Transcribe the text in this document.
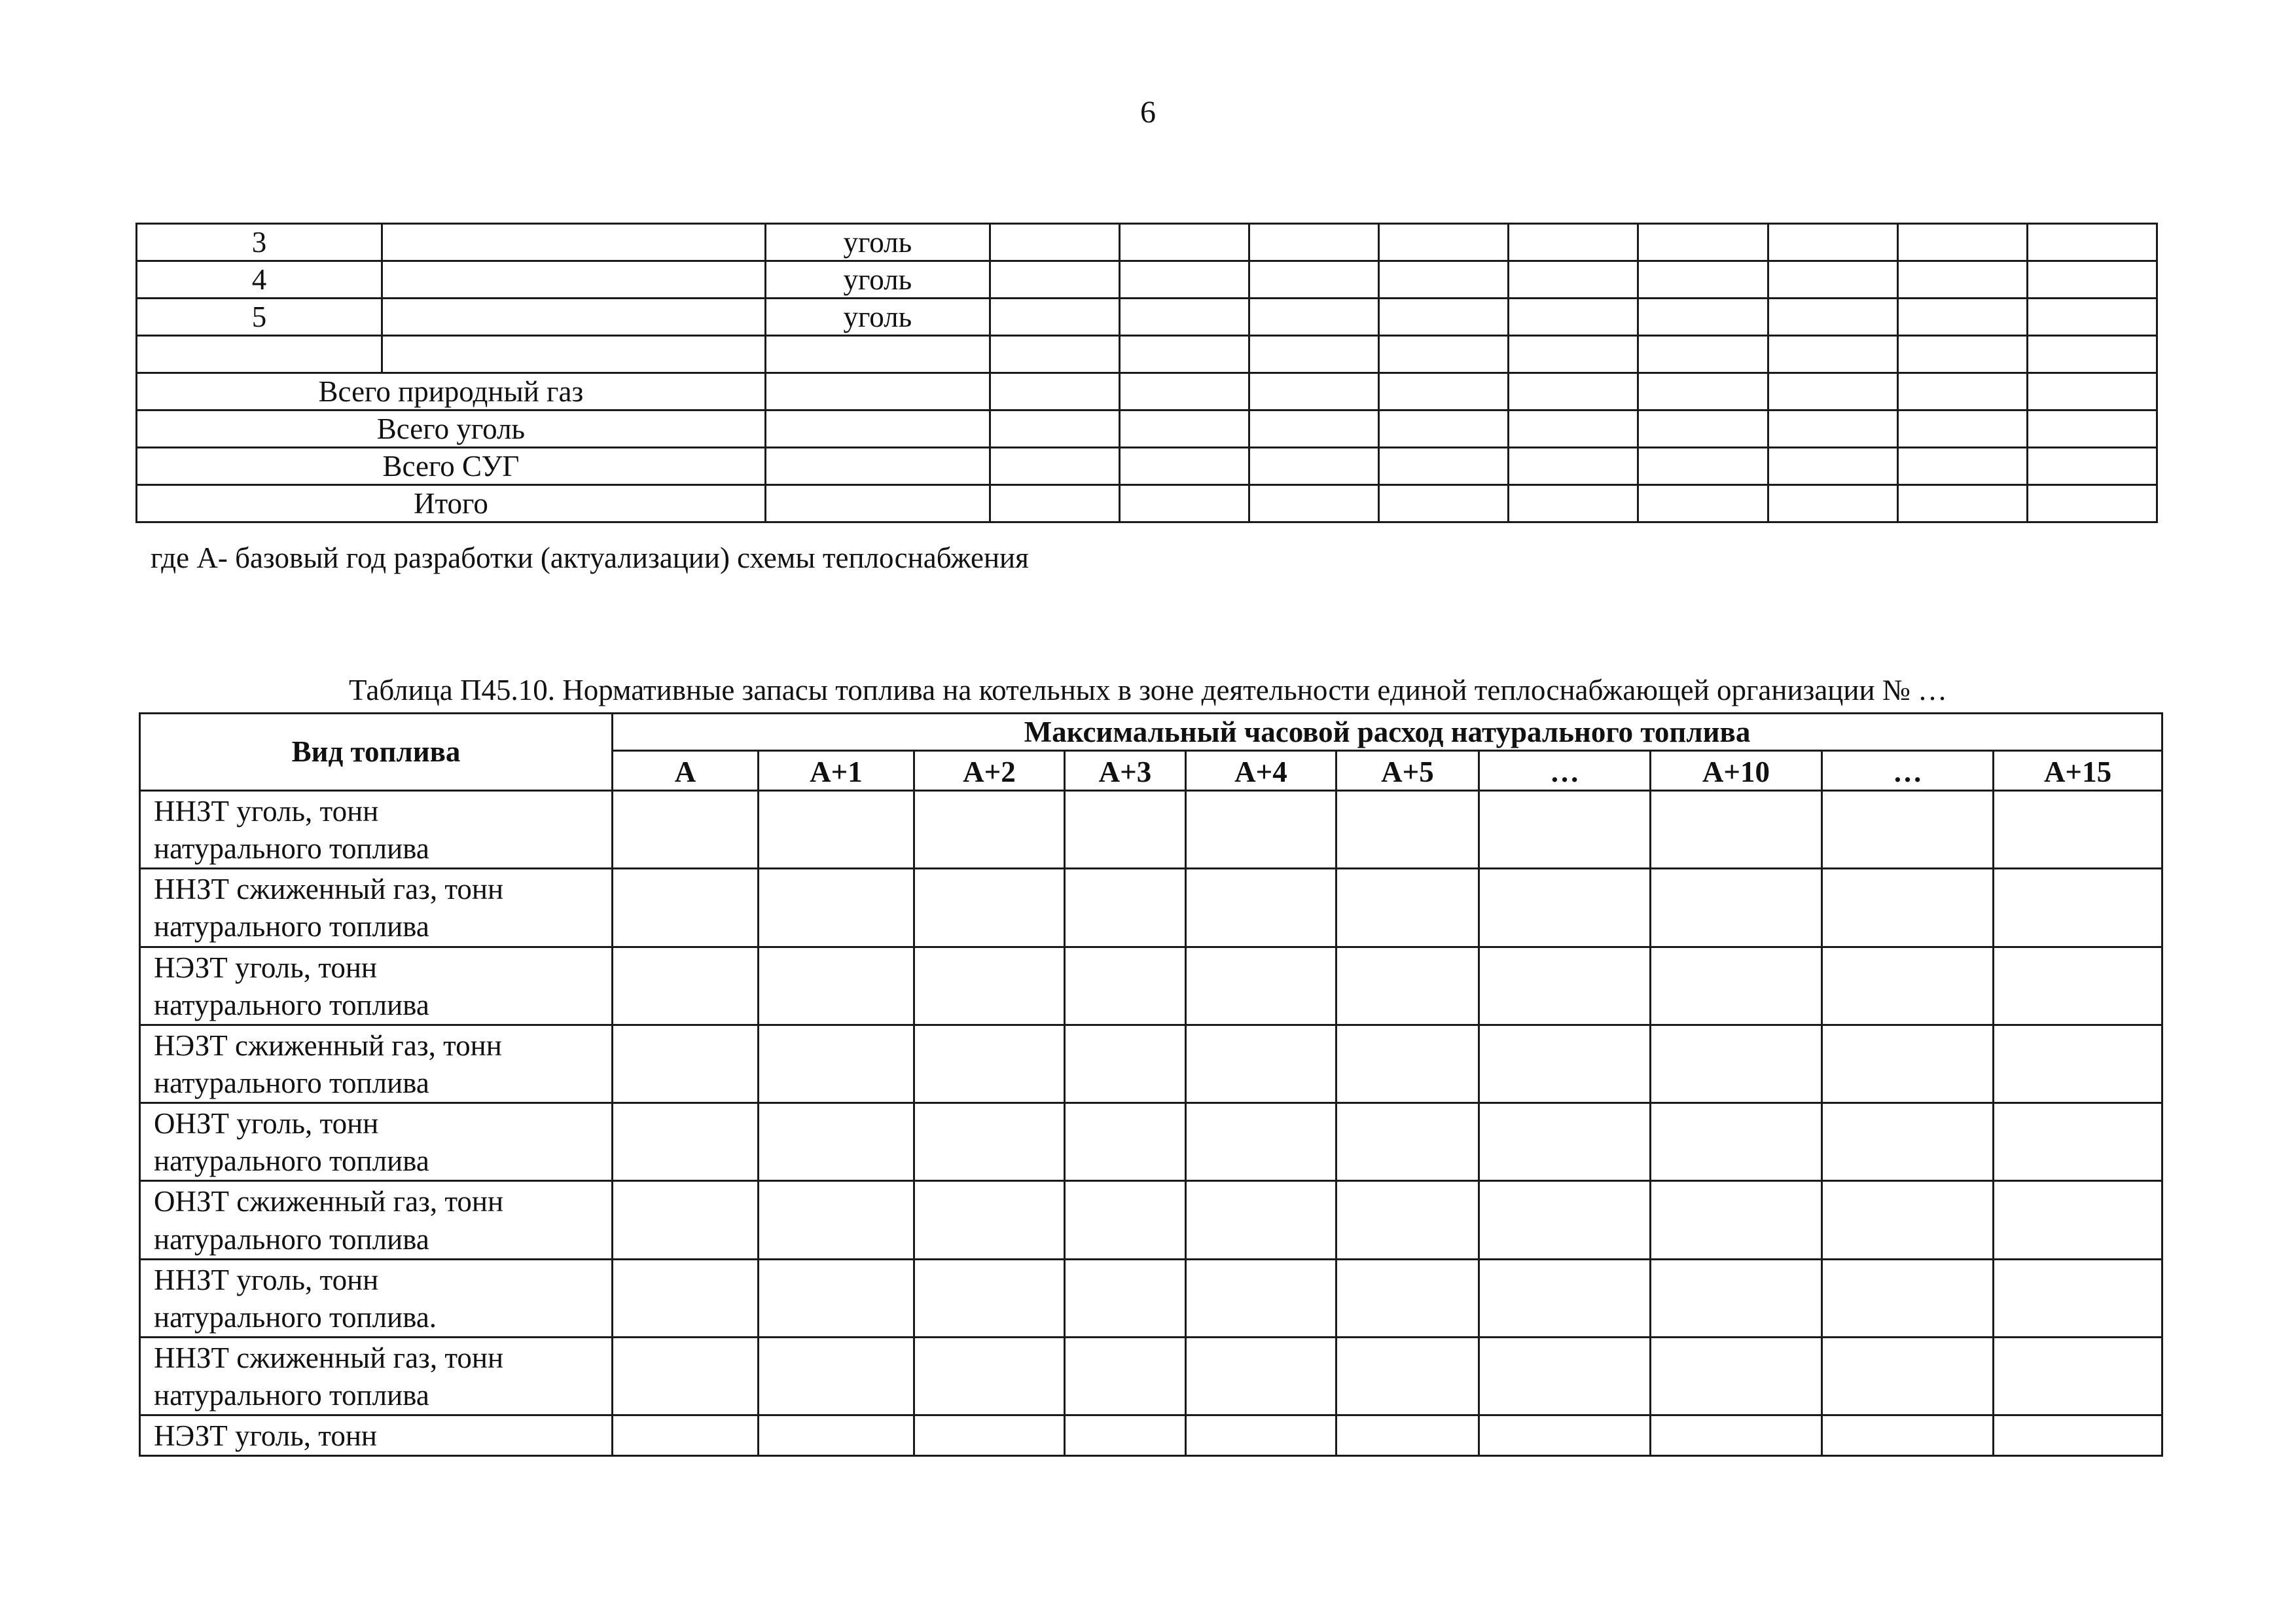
6
3		уголь									
4		уголь									
5		уголь									

Всего природный газ											
Всего уголь											
Всего СУГ											
Итого											
где А- базовый год разработки (актуализации) схемы теплоснабжения
Таблица П45.10. Нормативные запасы топлива на котельных в зоне деятельности единой теплоснабжающей организации № …
Вид топлива	Максимальный часовой расход натурального топлива									
	А	А+1	А+2	А+3	А+4	А+5	…	А+10	…	А+15

ННЗТ уголь, тонн
натурального топлива										

ННЗТ сжиженный газ, тонн
натурального топлива										

НЭЗТ уголь, тонн
натурального топлива										

НЭЗТ сжиженный газ, тонн
натурального топлива										

ОНЗТ уголь, тонн
натурального топлива										

ОНЗТ сжиженный газ, тонн
натурального топлива										

ННЗТ уголь, тонн
натурального топлива.										

ННЗТ сжиженный газ, тонн
натурального топлива										

НЭЗТ уголь, тонн										
